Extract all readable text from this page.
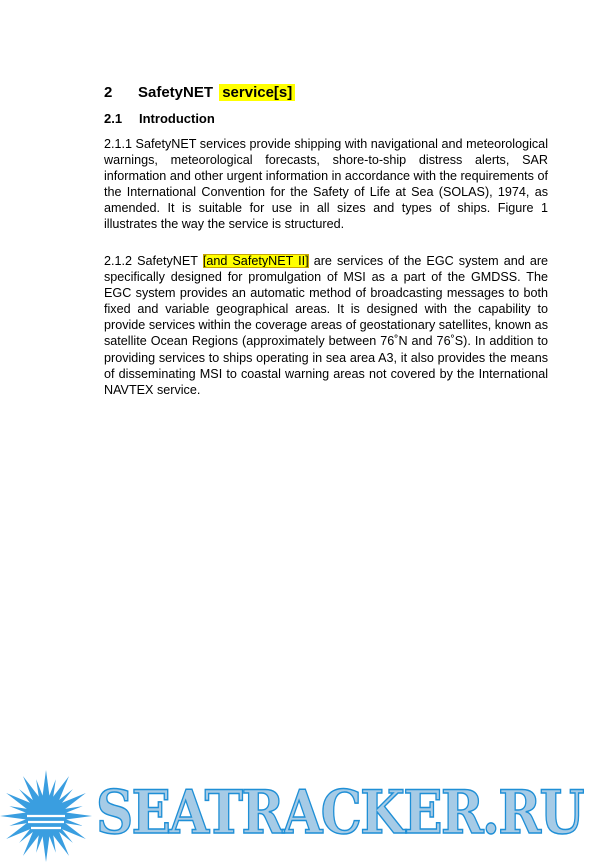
2 SafetyNET service[s]
2.1 Introduction

2.1.1 SafetyNET services provide shipping with navigational and meteorological warnings, meteorological forecasts, shore-to-ship distress alerts, SAR information and other urgent information in accordance with the requirements of the International Convention for the Safety of Life at Sea (SOLAS), 1974, as amended. It is suitable for use in all sizes and types of ships. Figure 1 illustrates the way the service is structured.

2.1.2 SafetyNET [and SafetyNET II] are services of the EGC system and are specifically designed for promulgation of MSI as a part of the GMDSS. The EGC system provides an automatic method of broadcasting messages to both fixed and variable geographical areas. It is designed with the capability to provide services within the coverage areas of geostationary satellites, known as satellite Ocean Regions (approximately between 76˚N and 76˚S). In addition to providing services to ships operating in sea area A3, it also provides the means of disseminating MSI to coastal warning areas not covered by the International NAVTEX service.

SEATRACKER.RU
